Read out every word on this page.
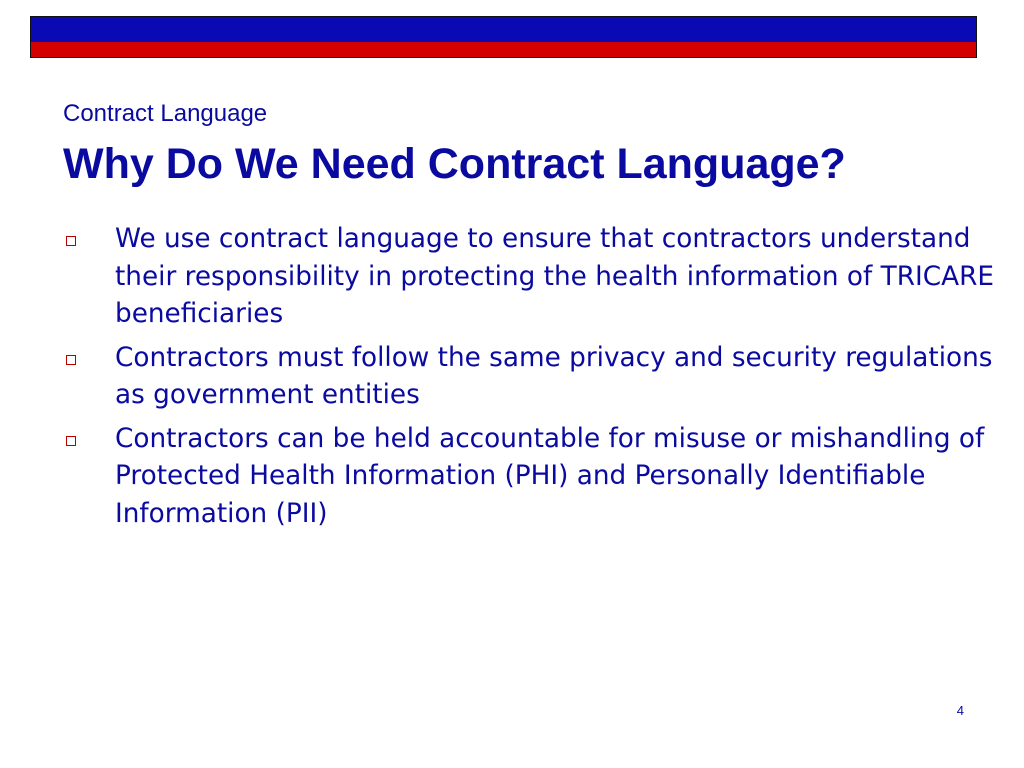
Contract Language

Why Do We Need Contract Language?
We use contract language to ensure that contractors understand their responsibility in protecting the health information of TRICARE beneficiaries
Contractors must follow the same privacy and security regulations as government entities
Contractors can be held accountable for misuse or mishandling of Protected Health Information (PHI) and Personally Identifiable Information (PII)
4
